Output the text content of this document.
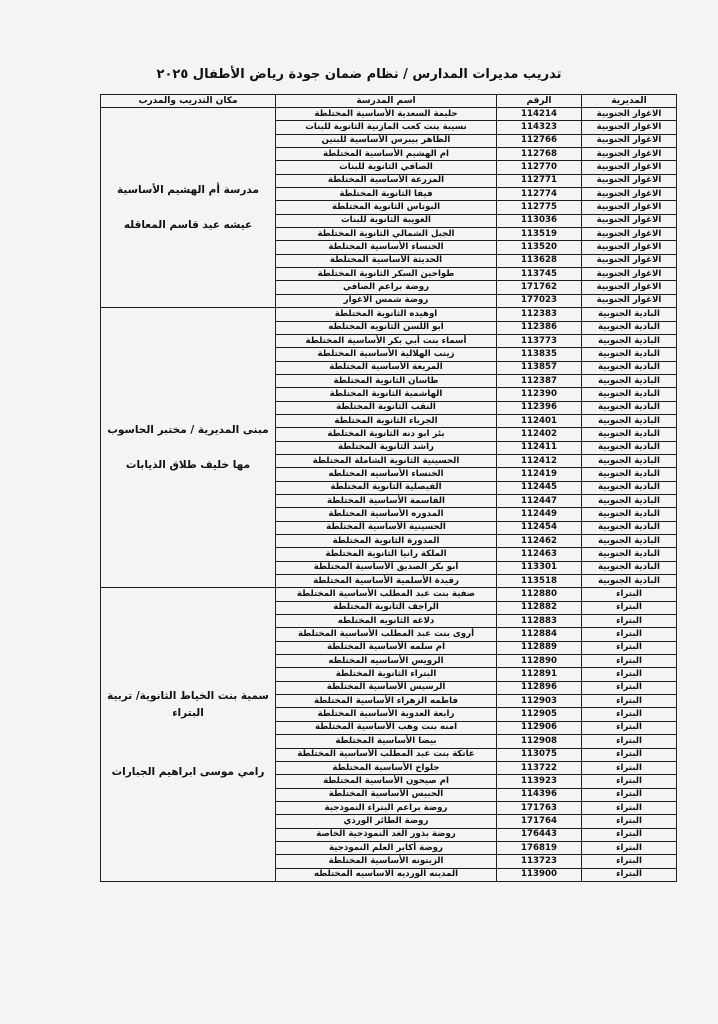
تدريب مديرات المدارس / نظام ضمان جودة رياض الأطفال ٢٠٢٥
المديرية	الرقم	اسم المدرسة	مكان التدريب والمدرب
الاغوار الجنوبية	114214	حليمة السعدية الأساسية المختلطة	مدرسة أم الهشيم الأساسية
عيشه عيد قاسم المعاقله

الاغوار الجنوبية	114323	نسيبة بنت كعب المازنية الثانوية للبنات	
الاغوار الجنوبية	112766	الظاهر بيبرس الأساسية للبنين	
الاغوار الجنوبية	112768	ام الهشيم الأساسية المختلطة	
الاغوار الجنوبية	112770	الصافي الثانوية للبنات	
الاغوار الجنوبية	112771	المزرعة الأساسية المختلطة	
الاغوار الجنوبية	112774	فيفا الثانوية المختلطة	
الاغوار الجنوبية	112775	البوتاس الثانوية المختلطة	
الاغوار الجنوبية	113036	الغويبة الثانوية للبنات	
الاغوار الجنوبية	113519	الجبل الشمالي الثانوية المختلطة	
الاغوار الجنوبية	113520	الخنساء الأساسية المختلطة	
الاغوار الجنوبية	113628	الحديثة الأساسية المختلطة	
الاغوار الجنوبية	113745	طواحين السكر الثانوية المختلطة	
الاغوار الجنوبية	171762	روضة براعم الصافي	
الاغوار الجنوبية	177023	روضة شمس الاغوار	
البادية الجنوبية	112383	اوهيده الثانوية المختلطة	مبنى المديرية / مختبر الحاسوب
مها خليف طلاق الذيابات

البادية الجنوبية	112386	ابو اللسن الثانويه المختلطه	
البادية الجنوبية	113773	أسماء بنت أبي بكر الأساسية المختلطة	
البادية الجنوبية	113835	زينب الهلالية الأساسية المختلطة	
البادية الجنوبية	113857	المريغة الأساسية المختلطة	
البادية الجنوبية	112387	طاسان الثانوية المختلطة	
البادية الجنوبية	112390	الهاشمية الثانوية المختلطة	
البادية الجنوبية	112396	النقب الثانوية المختلطة	
البادية الجنوبية	112401	الجرباء الثانوية المختلطة	
البادية الجنوبية	112402	بئر ابو دنه الثانوية المختلطة	
البادية الجنوبية	112411	راشد الثانوية المختلطة	
البادية الجنوبية	112412	الحسينية الثانوية الشاملة المختلطة	
البادية الجنوبية	112419	الخنساء الأساسيه المختلطه	
البادية الجنوبية	112445	الفيصلية الثانوية المختلطة	
البادية الجنوبية	112447	القاسمة الأساسية المختلطة	
البادية الجنوبية	112449	المدوره الأساسية المختلطة	
البادية الجنوبية	112454	الحسينية الأساسية المختلطة	
البادية الجنوبية	112462	المدورة الثانوية المختلطة	
البادية الجنوبية	112463	الملكة رانيا الثانوية المختلطة	
البادية الجنوبية	113301	أبو بكر الصديق الأساسية المختلطة	
البادية الجنوبية	113518	رفيدة الأسلمية الأساسية المختلطة	
البتراء	112880	صفية بنت عبد المطلب الأساسية المختلطة	سمية بنت الخياط الثانوية/ تربية البتراء
رامي موسى ابراهيم الجبارات

البتراء	112882	الراجف الثانوية المختلطة	
البتراء	112883	دلاغه الثانويه المختلطه	
البتراء	112884	أروى بنت عبد المطلب الأساسية المختلطة	
البتراء	112889	ام سلمه الأساسية المختلطة	
البتراء	112890	الرويس الأساسيه المختلطه	
البتراء	112891	البتراء الثانوية المختلطة	
البتراء	112896	الرسيس الأساسية المختلطة	
البتراء	112903	فاطمه الزهراء الأساسية المختلطة	
البتراء	112905	رابعة العدوية الأساسية المختلطة	
البتراء	112906	امنه بنت وهب الأساسية المختلطة	
البتراء	112908	بيضا الأساسية المختلطة	
البتراء	113075	عاتكة بنت عبد المطلب الأساسية المختلطة	
البتراء	113722	جلواخ الأساسية المختلطة	
البتراء	113923	ام صيحون الأساسية المختلطة	
البتراء	114396	الحبيس الأساسية المختلطة	
البتراء	171763	روضة براعم البتراء النموذجية	
البتراء	171764	روضة الطائر الوردي	
البتراء	176443	روضة بذور الغد النموذجية الخاصة	
البتراء	176819	روضة أكابر العلم النموذجية	
البتراء	113723	الزيتونه الأساسية المختلطة	
البتراء	113900	المدينه الورديه الاساسيه المختلطه	
